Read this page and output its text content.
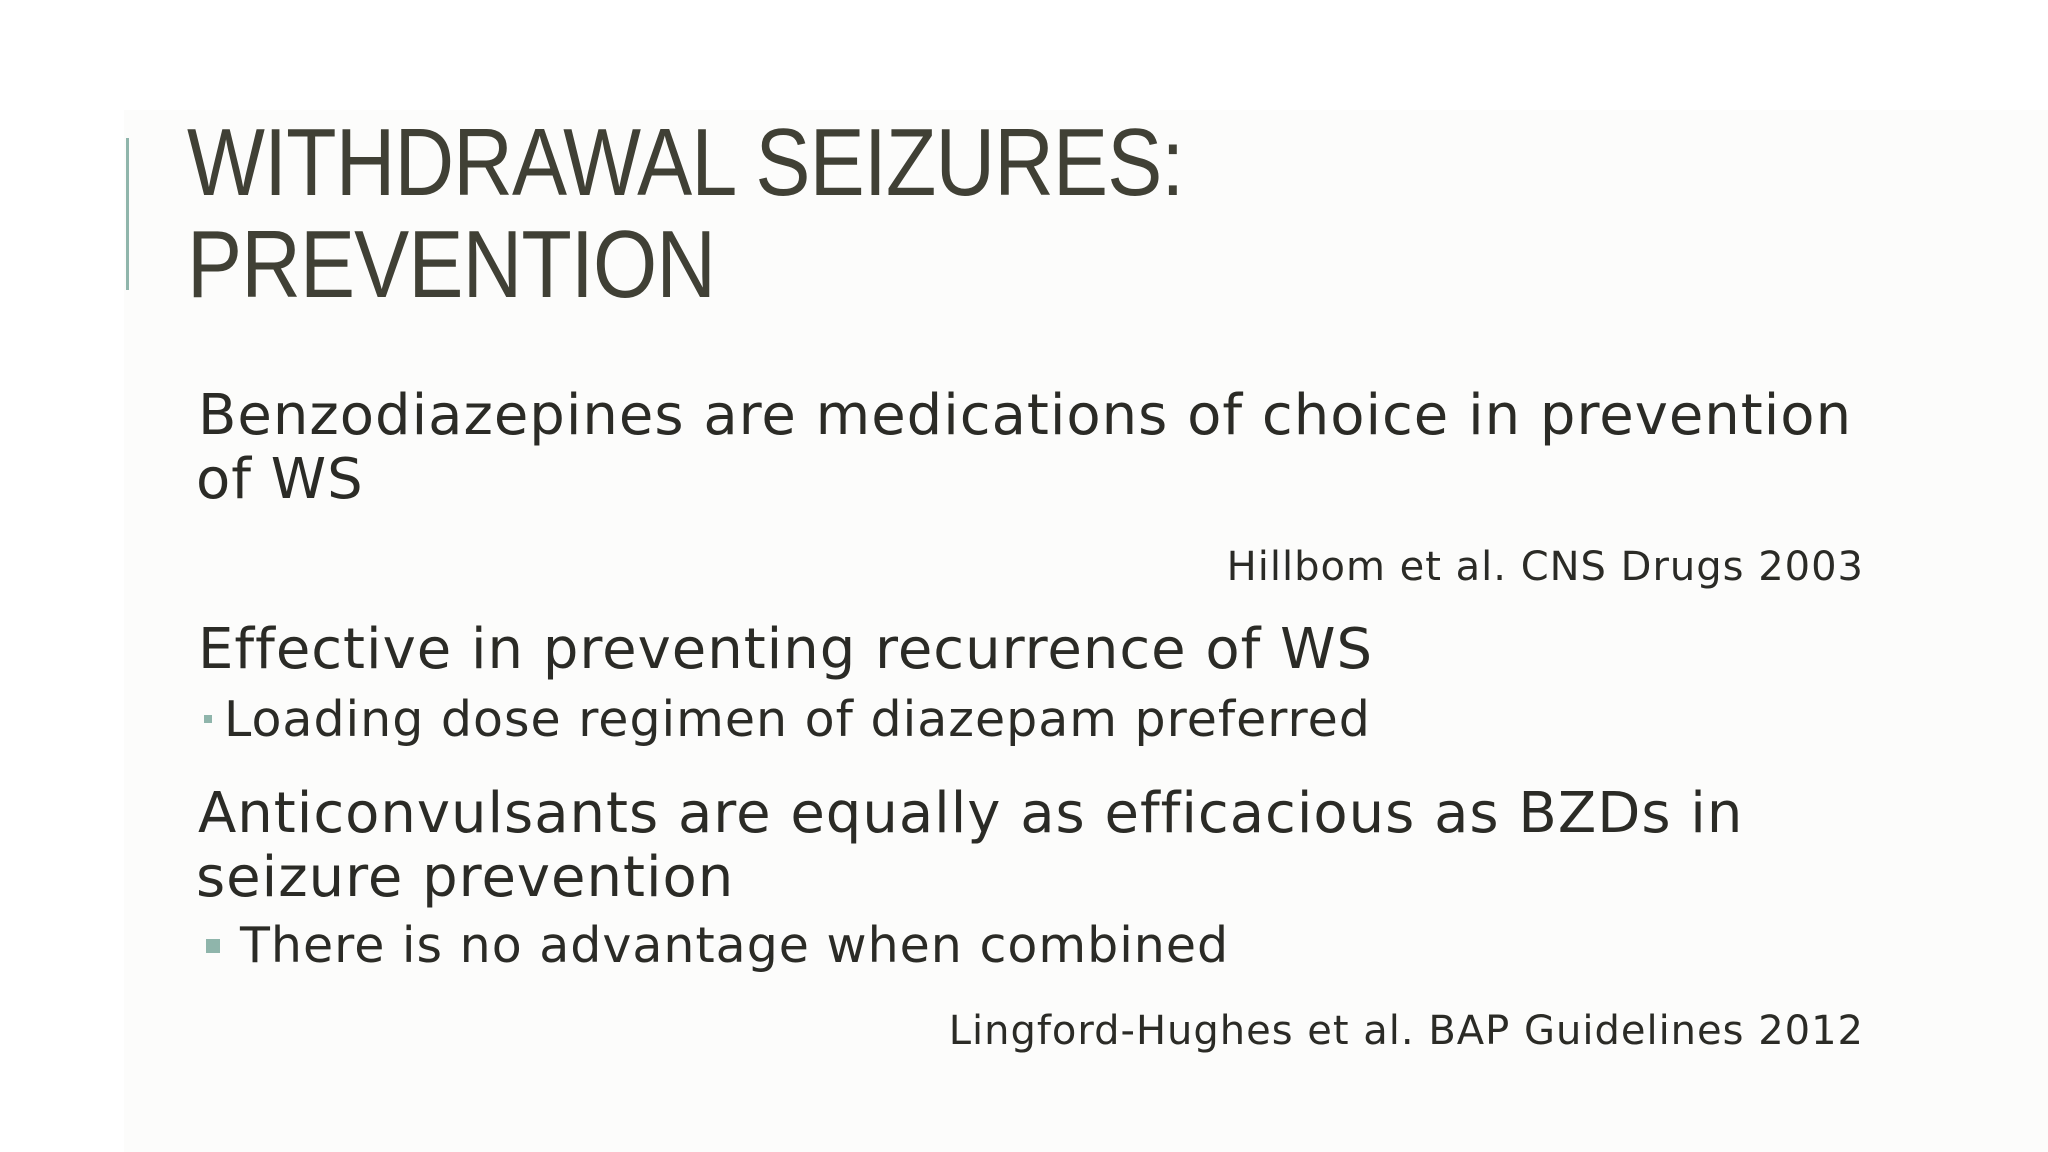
WITHDRAWAL SEIZURES:
PREVENTION
Benzodiazepines are medications of choice in prevention
of WS
Hillbom et al. CNS Drugs 2003
Effective in preventing recurrence of WS
Loading dose regimen of diazepam preferred
Anticonvulsants are equally as efficacious as BZDs in
seizure prevention
There is no advantage when combined
Lingford-Hughes et al. BAP Guidelines 2012
